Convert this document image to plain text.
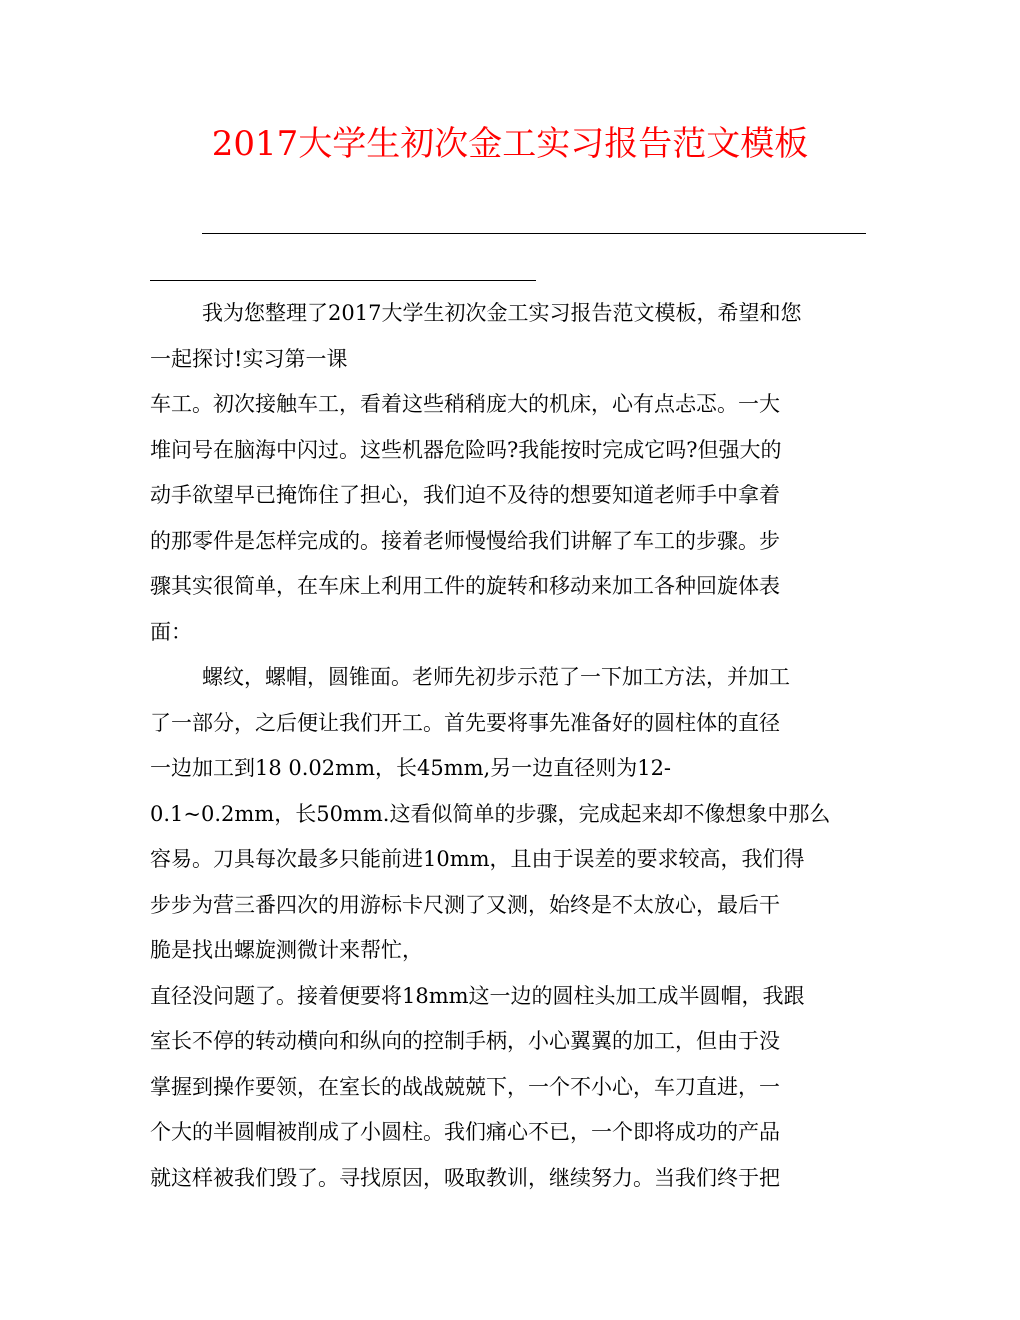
2017大学生初次金工实习报告范文模板
我为您整理了2017大学生初次金工实习报告范文模板，希望和您
一起探讨!实习第一课
车工。初次接触车工，看着这些稍稍庞大的机床，心有点忐忑。一大
堆问号在脑海中闪过。这些机器危险吗?我能按时完成它吗?但强大的
动手欲望早已掩饰住了担心，我们迫不及待的想要知道老师手中拿着
的那零件是怎样完成的。接着老师慢慢给我们讲解了车工的步骤。步
骤其实很简单，在车床上利用工件的旋转和移动来加工各种回旋体表
面：
螺纹，螺帽，圆锥面。老师先初步示范了一下加工方法，并加工
了一部分，之后便让我们开工。首先要将事先准备好的圆柱体的直径
一边加工到18 0.02mm，长45mm,另一边直径则为12-
0.1~0.2mm，长50mm.这看似简单的步骤，完成起来却不像想象中那么
容易。刀具每次最多只能前进10mm，且由于误差的要求较高，我们得
步步为营三番四次的用游标卡尺测了又测，始终是不太放心，最后干
脆是找出螺旋测微计来帮忙，
直径没问题了。接着便要将18mm这一边的圆柱头加工成半圆帽，我跟
室长不停的转动横向和纵向的控制手柄，小心翼翼的加工，但由于没
掌握到操作要领，在室长的战战兢兢下，一个不小心，车刀直进，一
个大的半圆帽被削成了小圆柱。我们痛心不已，一个即将成功的产品
就这样被我们毁了。寻找原因，吸取教训，继续努力。当我们终于把
